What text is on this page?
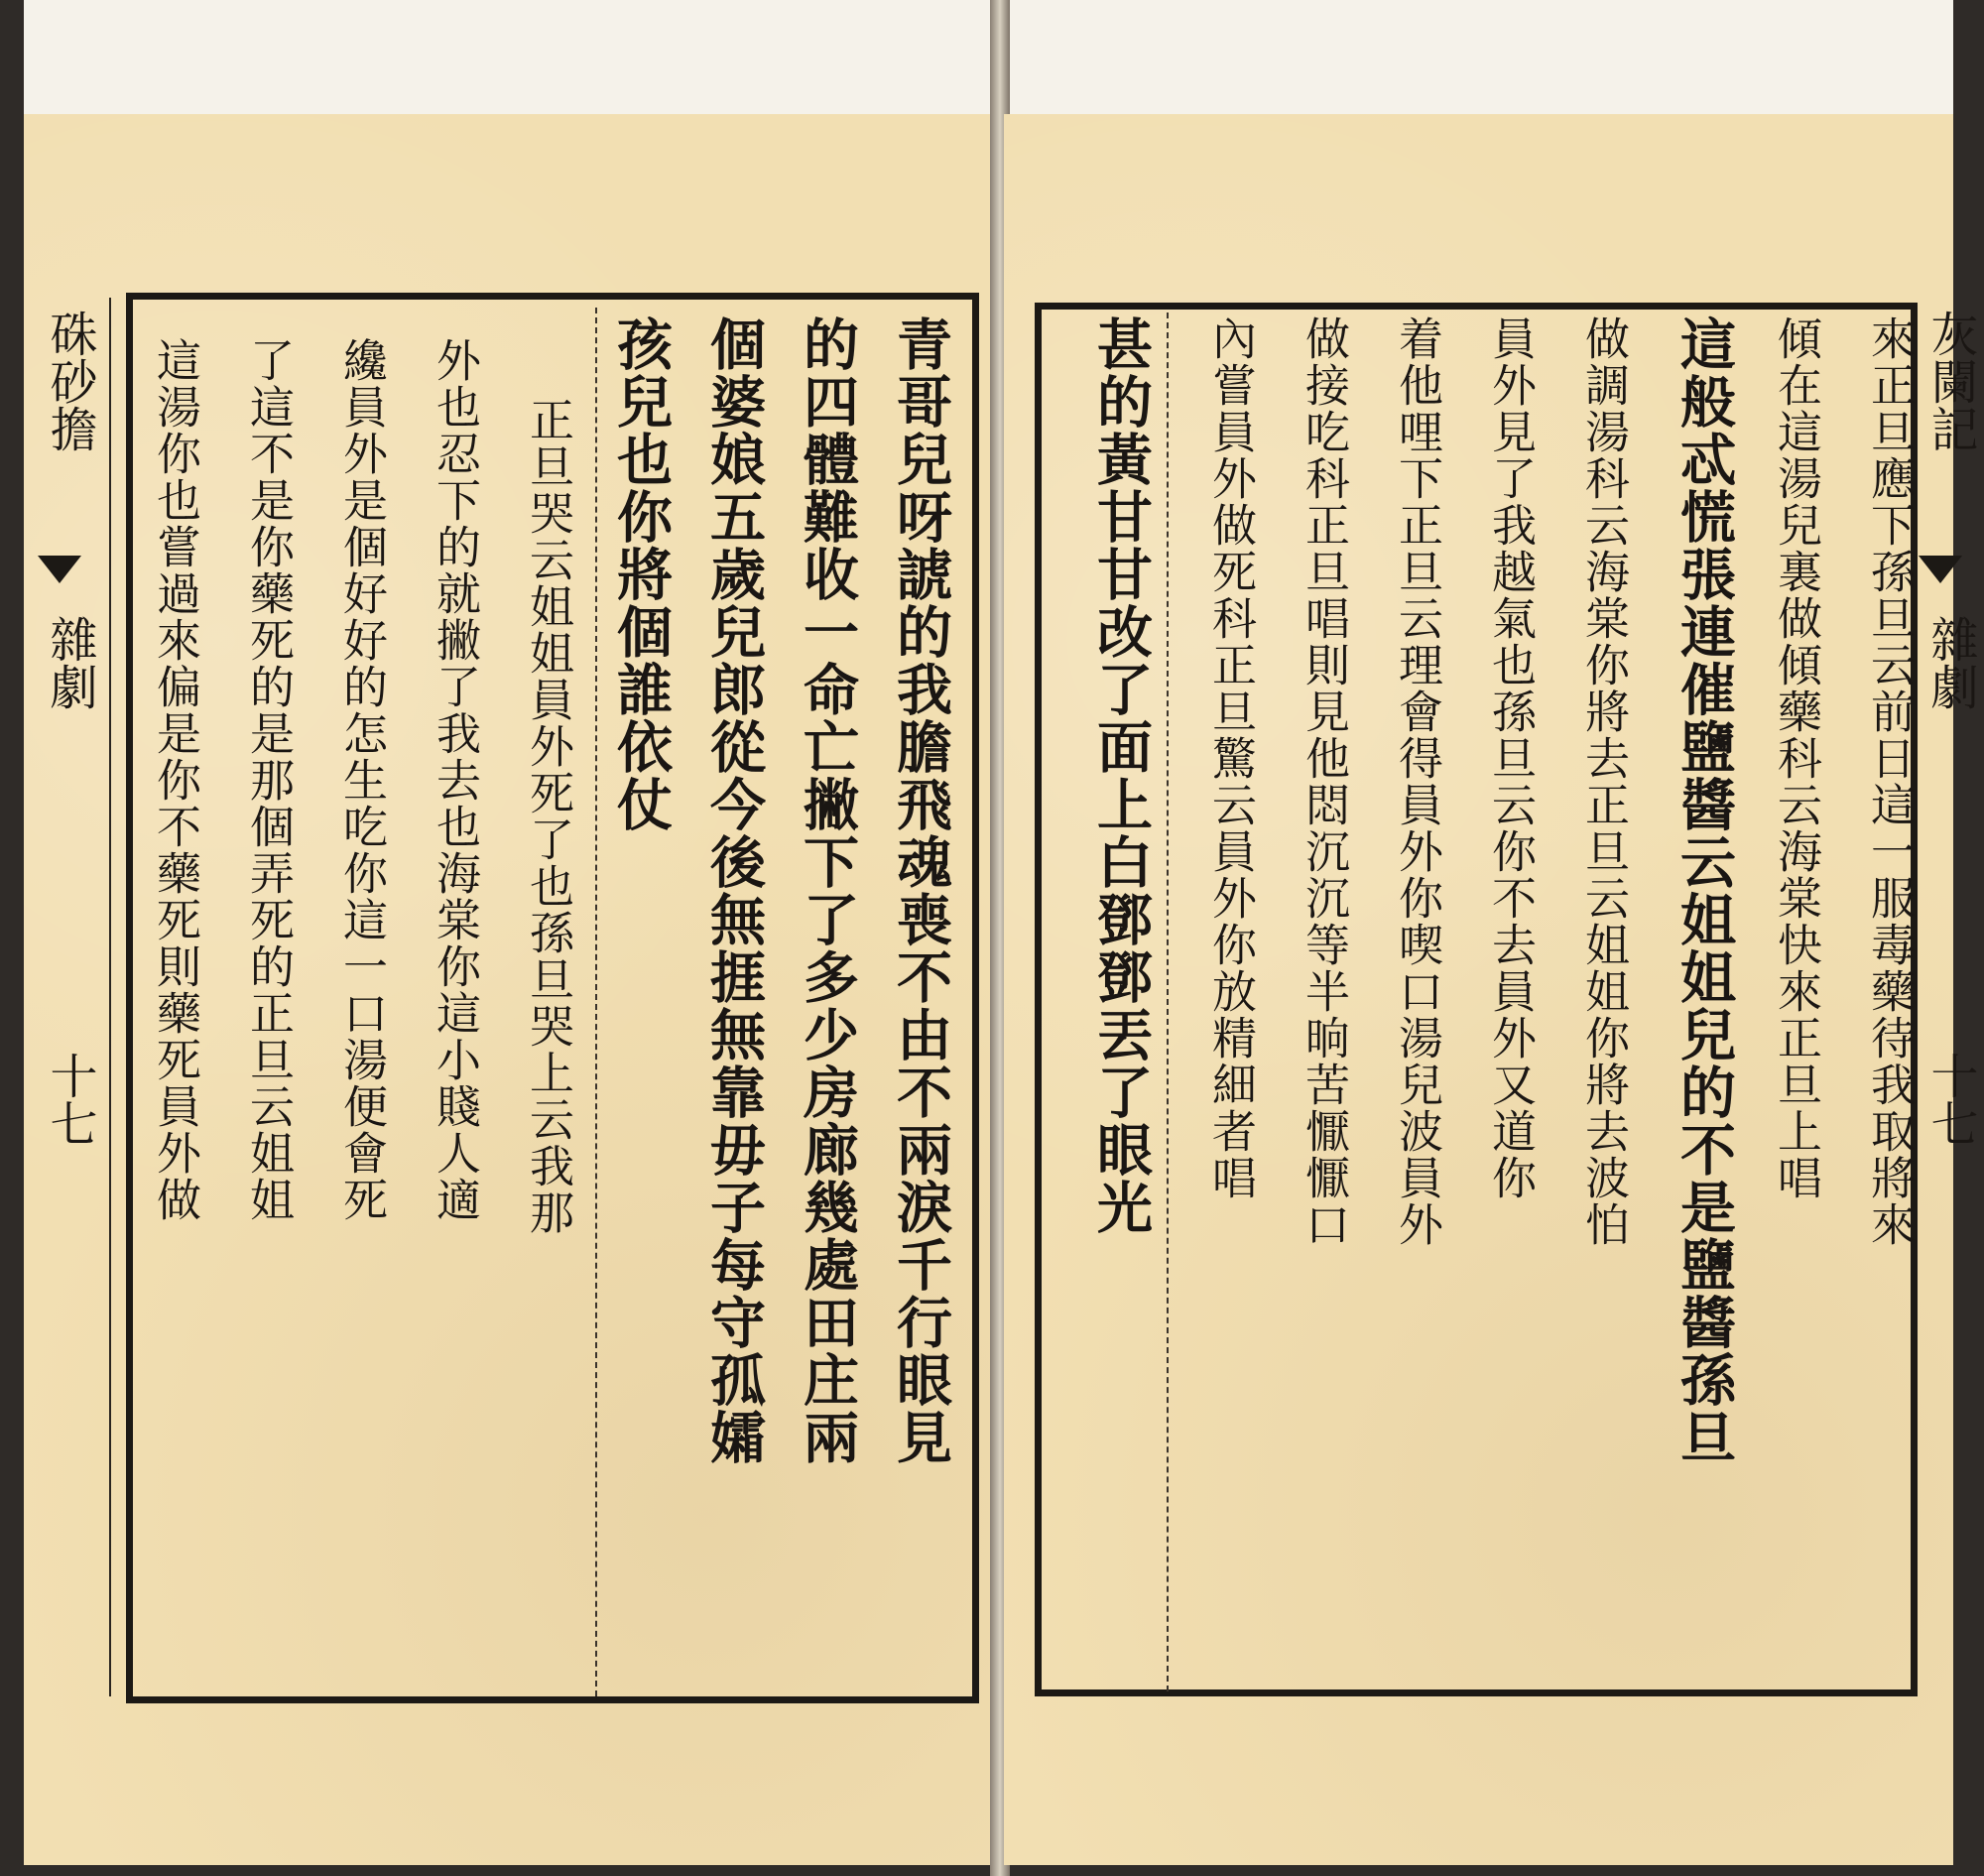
硃砂擔
雜劇
十七	青哥兒呀諕的我膽飛魂喪不由不兩淚千行眼見
的四體難收一命亡撇下了多少房廊幾處田庄兩
個婆娘五歲兒郎從今後無捱無靠毋子每守孤孀
孩兒也你將個誰依仗
正旦哭云姐姐員外死了也孫旦哭上云我那
外也忍下的就撇了我去也海棠你這小賤人適
纔員外是個好好的怎生吃你這一口湯便會死
了這不是你藥死的是那個弄死的正旦云姐姐
這湯你也嘗過來偏是你不藥死則藥死員外做	灰闌記
雜劇
十七
來正旦應下孫旦云前日這一服毒藥待我取將來
傾在這湯兒裏做傾藥科云海棠快來正旦上唱
這般忒慌張連催鹽醬云姐姐兒的不是鹽醬孫旦
做調湯科云海棠你將去正旦云姐姐你將去波怕
員外見了我越氣也孫旦云你不去員外又道你
着他哩下正旦云理會得員外你喫口湯兒波員外
做接吃科正旦唱則見他悶沉沉等半晌苦懨懨口
內嘗員外做死科正旦驚云員外你放精細者唱
甚的黃甘甘改了面上白鄧鄧丟了眼光
